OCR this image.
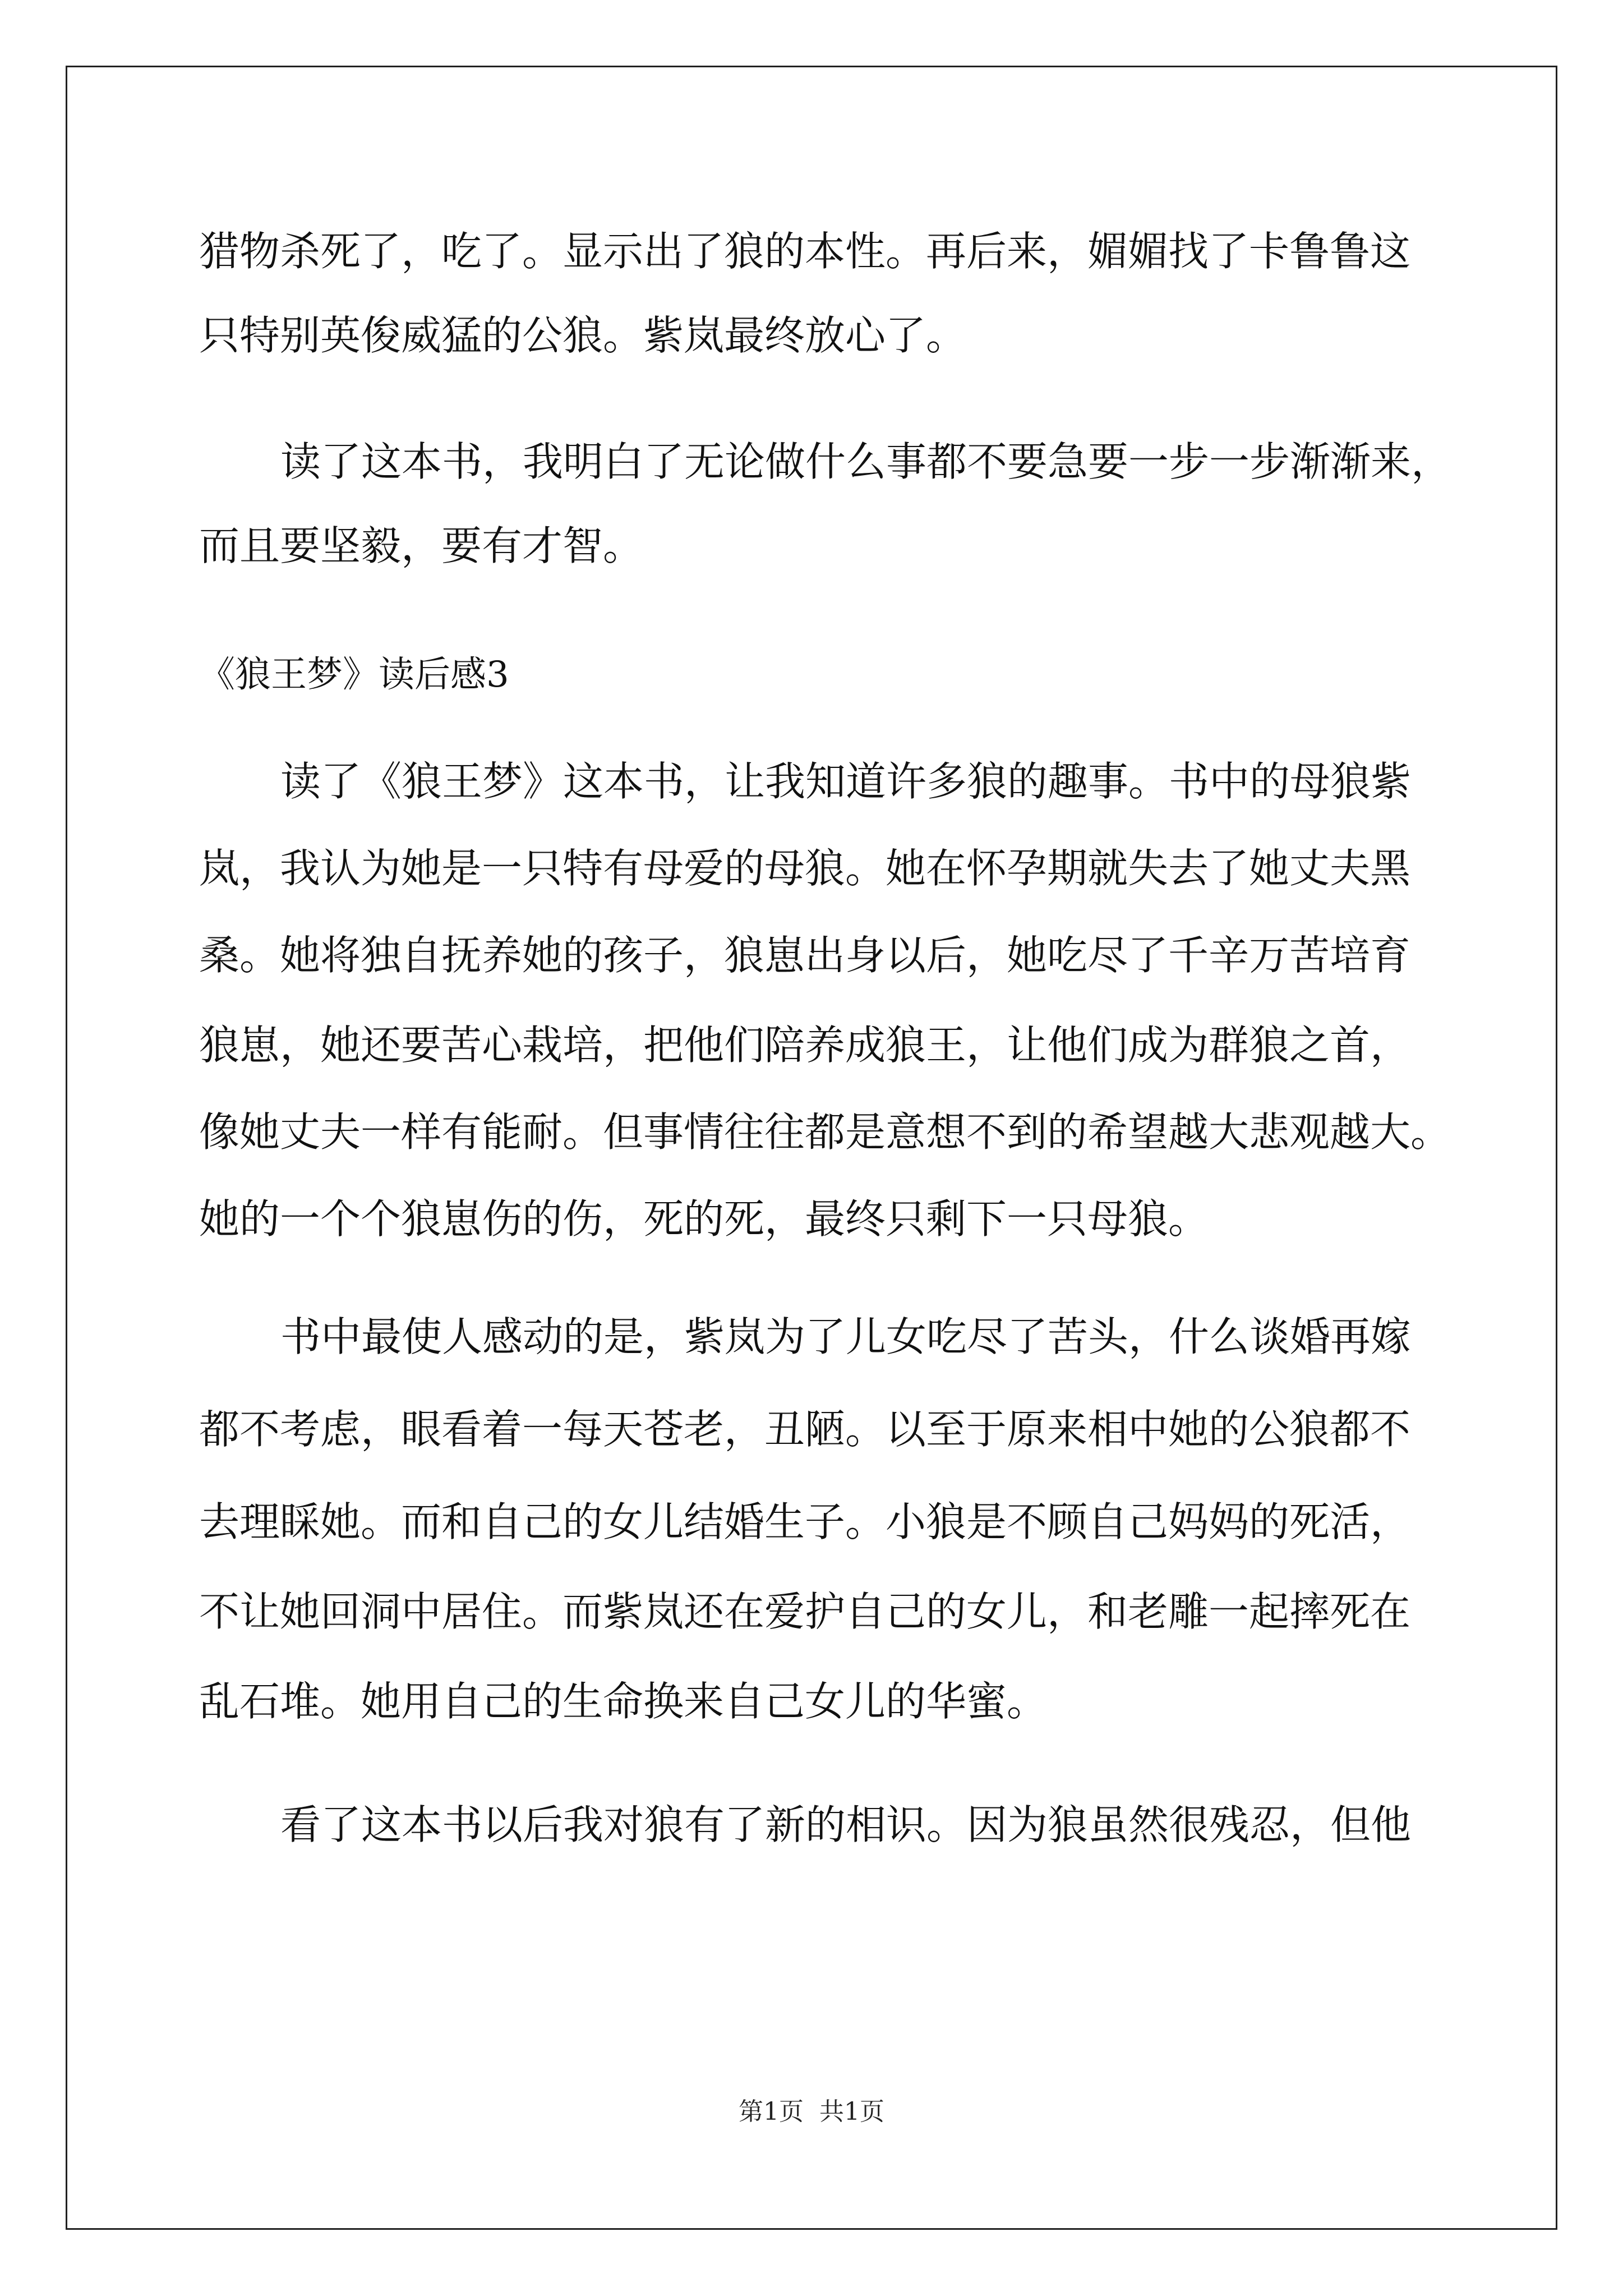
猎物杀死了，吃了。显示出了狼的本性。再后来，媚媚找了卡鲁鲁这
只特别英俊威猛的公狼。紫岚最终放心了。
读了这本书，我明白了无论做什么事都不要急要一步一步渐渐来，
而且要坚毅，要有才智。
《狼王梦》读后感3
读了《狼王梦》这本书，让我知道许多狼的趣事。书中的母狼紫
岚，我认为她是一只特有母爱的母狼。她在怀孕期就失去了她丈夫黑
桑。她将独自抚养她的孩子，狼崽出身以后，她吃尽了千辛万苦培育
狼崽，她还要苦心栽培，把他们陪养成狼王，让他们成为群狼之首，
像她丈夫一样有能耐。但事情往往都是意想不到的希望越大悲观越大。
她的一个个狼崽伤的伤，死的死，最终只剩下一只母狼。
书中最使人感动的是，紫岚为了儿女吃尽了苦头，什么谈婚再嫁
都不考虑，眼看着一每天苍老，丑陋。以至于原来相中她的公狼都不
去理睬她。而和自己的女儿结婚生子。小狼是不顾自己妈妈的死活，
不让她回洞中居住。而紫岚还在爱护自己的女儿，和老雕一起摔死在
乱石堆。她用自己的生命换来自己女儿的华蜜。
看了这本书以后我对狼有了新的相识。因为狼虽然很残忍，但他
第1页 共1页
